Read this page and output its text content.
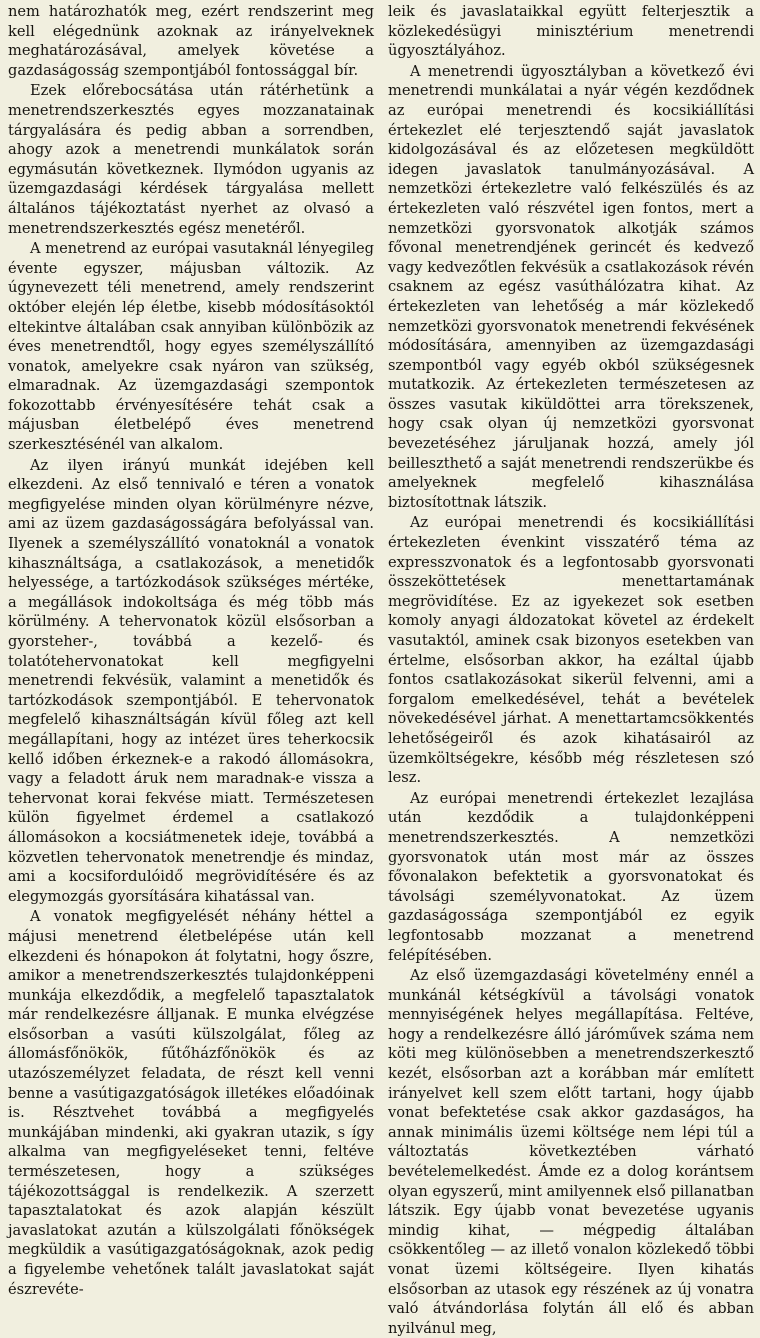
nem határozhatók meg, ezért rendszerint meg kell elégednünk azoknak az irányelveknek meghatározásával, amelyek követése a gazdaságosság szempontjából fontossággal bír.

Ezek előrebocsátása után rátérhetünk a menetrendszerkesztés egyes mozzanatainak tárgyalására és pedig abban a sorrendben, ahogy azok a menetrendi munkálatok során egymásután következnek. Ilymódon ugyanis az üzemgazdasági kérdések tárgyalása mellett általános tájékoztatást nyerhet az olvasó a menetrendszerkesztés egész menetéről.

A menetrend az európai vasutaknál lényegileg évente egyszer, májusban változik. Az úgynevezett téli menetrend, amely rendszerint október elején lép életbe, kisebb módosításoktól eltekintve általában csak annyiban különbözik az éves menetrendtől, hogy egyes személyszállító vonatok, amelyekre csak nyáron van szükség, elmaradnak. Az üzemgazdasági szempontok fokozottabb érvényesítésére tehát csak a májusban életbelépő éves menetrend szerkesztésénél van alkalom.

Az ilyen irányú munkát idejében kell elkezdeni. Az első tennivaló e téren a vonatok megfigyelése minden olyan körülményre nézve, ami az üzem gazdaságosságára befolyással van. Ilyenek a személyszállító vonatoknál a vonatok kihasználtsága, a csatlakozások, a menetidők helyessége, a tartózkodások szükséges mértéke, a megállások indokoltsága és még több más körülmény. A tehervonatok közül elsősorban a gyorsteher-, továbbá a kezelő- és tolatótehervonatokat kell megfigyelni menetrendi fekvésük, valamint a menetidők és tartózkodások szempontjából. E tehervonatok megfelelő kihasználtságán kívül főleg azt kell megállapítani, hogy az intézet üres teherkocsik kellő időben érkeznek-e a rakodó állomásokra, vagy a feladott áruk nem maradnak-e vissza a tehervonat korai fekvése miatt. Természetesen külön figyelmet érdemel a csatlakozó állomásokon a kocsiátmenetek ideje, továbbá a közvetlen tehervonatok menetrendje és mindaz, ami a kocsifordulóidő megrövidítésére és az elegymozgás gyorsítására kihatással van.

A vonatok megfigyelését néhány héttel a májusi menetrend életbelépése után kell elkezdeni és hónapokon át folytatni, hogy őszre, amikor a menetrendszerkesztés tulajdonképpeni munkája elkezdődik, a megfelelő tapasztalatok már rendelkezésre álljanak. E munka elvégzése elsősorban a vasúti külszolgálat, főleg az állomásfőnökök, fűtőházfőnökök és az utazószemélyzet feladata, de részt kell venni benne a vasútigazgatóságok illetékes előadóinak is. Résztvehet továbbá a megfigyelés munkájában mindenki, aki gyakran utazik, s így alkalma van megfigyeléseket tenni, feltéve természetesen, hogy a szükséges tájékozottsággal is rendelkezik. A szerzett tapasztalatokat és azok alapján készült javaslatokat azután a külszolgálati főnökségek megküldik a vasútigazgatóságoknak, azok pedig a figyelembe vehetőnek talált javaslatokat saját észrevéte-

leik és javaslataikkal együtt felterjesztik a közlekedésügyi minisztérium menetrendi ügyosztályához.

A menetrendi ügyosztályban a következő évi menetrendi munkálatai a nyár végén kezdődnek az európai menetrendi és kocsikiállítási értekezlet elé terjesztendő saját javaslatok kidolgozásával és az előzetesen megküldött idegen javaslatok tanulmányozásával. A nemzetközi értekezletre való felkészülés és az értekezleten való részvétel igen fontos, mert a nemzetközi gyorsvonatok alkotják számos fővonal menetrendjének gerincét és kedvező vagy kedvezőtlen fekvésük a csatlakozások révén csaknem az egész vasúthálózatra kihat. Az értekezleten van lehetőség a már közlekedő nemzetközi gyorsvonatok menetrendi fekvésének módosítására, amennyiben az üzemgazdasági szempontból vagy egyéb okból szükségesnek mutatkozik. Az értekezleten természetesen az összes vasutak kiküldöttei arra törekszenek, hogy csak olyan új nemzetközi gyorsvonat bevezetéséhez járuljanak hozzá, amely jól beilleszthető a saját menetrendi rendszerükbe és amelyeknek megfelelő kihasználása biztosítottnak látszik.

Az európai menetrendi és kocsikiállítási értekezleten évenkint visszatérő téma az expresszvonatok és a legfontosabb gyorsvonati összeköttetések menettartamának megrövidítése. Ez az igyekezet sok esetben komoly anyagi áldozatokat követel az érdekelt vasutaktól, aminek csak bizonyos esetekben van értelme, elsősorban akkor, ha ezáltal újabb fontos csatlakozásokat sikerül felvenni, ami a forgalom emelkedésével, tehát a bevételek növekedésével járhat. A menettartamcsökkentés lehetőségeiről és azok kihatásairól az üzemköltségekre, később még részletesen szó lesz.

Az európai menetrendi értekezlet lezajlása után kezdődik a tulajdonképpeni menetrendszerkesztés. A nemzetközi gyorsvonatok után most már az összes fővonalakon befektetik a gyorsvonatokat és távolsági személyvonatokat. Az üzem gazdaságossága szempontjából ez egyik legfontosabb mozzanat a menetrend felépítésében.

Az első üzemgazdasági követelmény ennél a munkánál kétségkívül a távolsági vonatok mennyiségének helyes megállapítása. Feltéve, hogy a rendelkezésre álló járóművek száma nem köti meg különösebben a menetrendszerkesztő kezét, elsősorban azt a korábban már említett irányelvet kell szem előtt tartani, hogy újabb vonat befektetése csak akkor gazdaságos, ha annak minimális üzemi költsége nem lépi túl a változtatás következtében várható bevételemelkedést. Ámde ez a dolog korántsem olyan egyszerű, mint amilyennek első pillanatban látszik. Egy újabb vonat bevezetése ugyanis mindig kihat, — mégpedig általában csökkentőleg — az illető vonalon közlekedő többi vonat üzemi költségeire. Ilyen kihatás elsősorban az utasok egy részének az új vonatra való átvándorlása folytán áll elő és abban nyilvánul meg,
